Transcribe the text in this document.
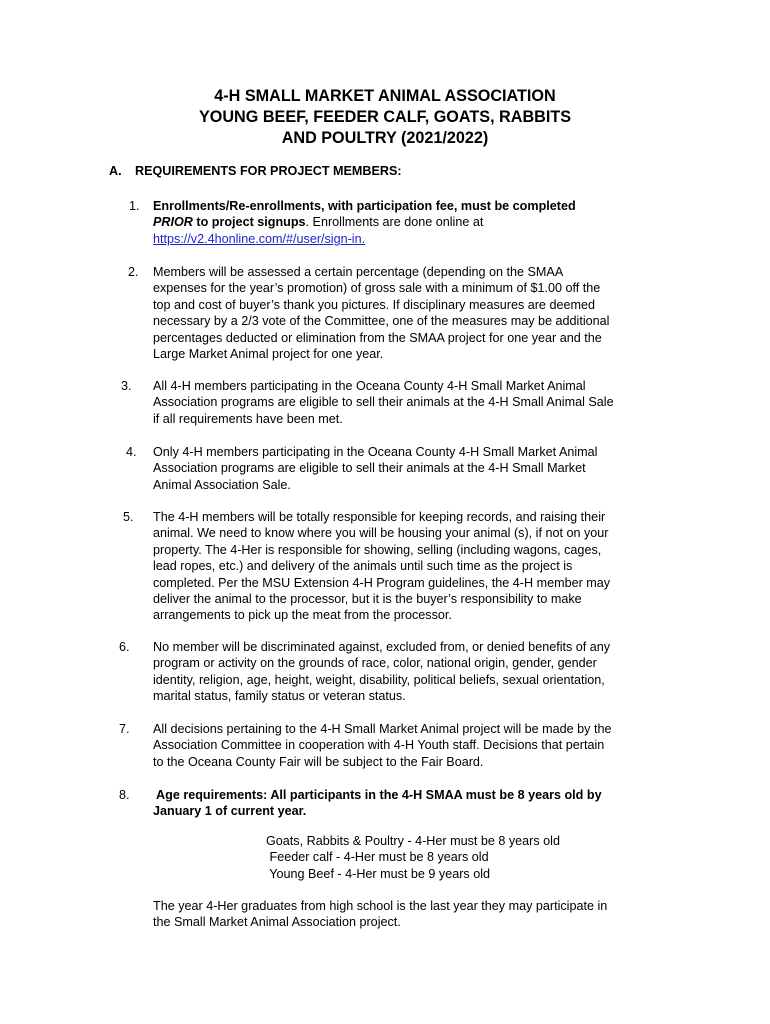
4-H SMALL MARKET ANIMAL ASSOCIATION
YOUNG BEEF, FEEDER CALF, GOATS, RABBITS
AND POULTRY (2021/2022)
A. REQUIREMENTS FOR PROJECT MEMBERS:
1. Enrollments/Re-enrollments, with participation fee, must be completed
PRIOR to project signups. Enrollments are done online at
https://v2.4honline.com/#/user/sign-in.
2. Members will be assessed a certain percentage (depending on the SMAA
expenses for the year’s promotion) of gross sale with a minimum of $1.00 off the
top and cost of buyer’s thank you pictures. If disciplinary measures are deemed
necessary by a 2/3 vote of the Committee, one of the measures may be additional
percentages deducted or elimination from the SMAA project for one year and the
Large Market Animal project for one year.
3. All 4-H members participating in the Oceana County 4-H Small Market Animal
Association programs are eligible to sell their animals at the 4-H Small Animal Sale
if all requirements have been met.
4. Only 4-H members participating in the Oceana County 4-H Small Market Animal
Association programs are eligible to sell their animals at the 4-H Small Market
Animal Association Sale.
5. The 4-H members will be totally responsible for keeping records, and raising their
animal. We need to know where you will be housing your animal (s), if not on your
property. The 4-Her is responsible for showing, selling (including wagons, cages,
lead ropes, etc.) and delivery of the animals until such time as the project is
completed. Per the MSU Extension 4-H Program guidelines, the 4-H member may
deliver the animal to the processor, but it is the buyer’s responsibility to make
arrangements to pick up the meat from the processor.
6. No member will be discriminated against, excluded from, or denied benefits of any
program or activity on the grounds of race, color, national origin, gender, gender
identity, religion, age, height, weight, disability, political beliefs, sexual orientation,
marital status, family status or veteran status.
7. All decisions pertaining to the 4-H Small Market Animal project will be made by the
Association Committee in cooperation with 4-H Youth staff. Decisions that pertain
to the Oceana County Fair will be subject to the Fair Board.
8. Age requirements: All participants in the 4-H SMAA must be 8 years old by
January 1 of current year.
Goats, Rabbits & Poultry - 4-Her must be 8 years old
Feeder calf - 4-Her must be 8 years old
Young Beef - 4-Her must be 9 years old
The year 4-Her graduates from high school is the last year they may participate in
the Small Market Animal Association project.
